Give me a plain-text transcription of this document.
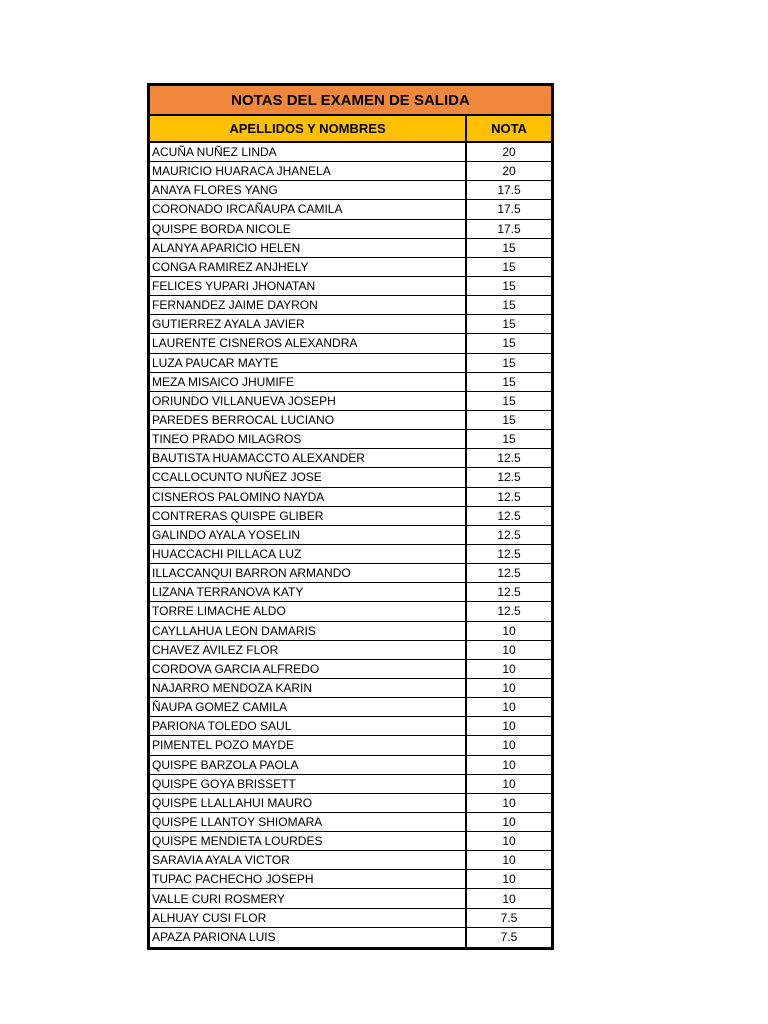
NOTAS DEL EXAMEN DE SALIDA
APELLIDOS Y NOMBRES	NOTA
ACUÑA NUÑEZ LINDA	20
MAURICIO HUARACA JHANELA	20
ANAYA FLORES YANG	17.5
CORONADO IRCAÑAUPA CAMILA	17.5
QUISPE BORDA NICOLE	17.5
ALANYA APARICIO HELEN	15
CONGA RAMIREZ ANJHELY	15
FELICES YUPARI JHONATAN	15
FERNANDEZ JAIME DAYRON	15
GUTIERREZ AYALA JAVIER	15
LAURENTE CISNEROS ALEXANDRA	15
LUZA PAUCAR MAYTE	15
MEZA MISAICO JHUMIFE	15
ORIUNDO VILLANUEVA JOSEPH	15
PAREDES BERROCAL LUCIANO	15
TINEO PRADO MILAGROS	15
BAUTISTA HUAMACCTO ALEXANDER	12.5
CCALLOCUNTO NUÑEZ JOSE	12.5
CISNEROS PALOMINO NAYDA	12.5
CONTRERAS QUISPE GLIBER	12.5
GALINDO AYALA YOSELIN	12.5
HUACCACHI PILLACA LUZ	12.5
ILLACCANQUI BARRON ARMANDO	12.5
LIZANA TERRANOVA KATY	12.5
TORRE LIMACHE ALDO	12.5
CAYLLAHUA LEON DAMARIS	10
CHAVEZ AVILEZ FLOR	10
CORDOVA GARCIA ALFREDO	10
NAJARRO MENDOZA KARIN	10
ÑAUPA GOMEZ CAMILA	10
PARIONA TOLEDO SAUL	10
PIMENTEL POZO MAYDE	10
QUISPE BARZOLA PAOLA	10
QUISPE GOYA BRISSETT	10
QUISPE LLALLAHUI MAURO	10
QUISPE LLANTOY SHIOMARA	10
QUISPE MENDIETA LOURDES	10
SARAVIA AYALA VICTOR	10
TUPAC PACHECHO JOSEPH	10
VALLE CURI ROSMERY	10
ALHUAY CUSI FLOR	7.5
APAZA PARIONA LUIS	7.5
